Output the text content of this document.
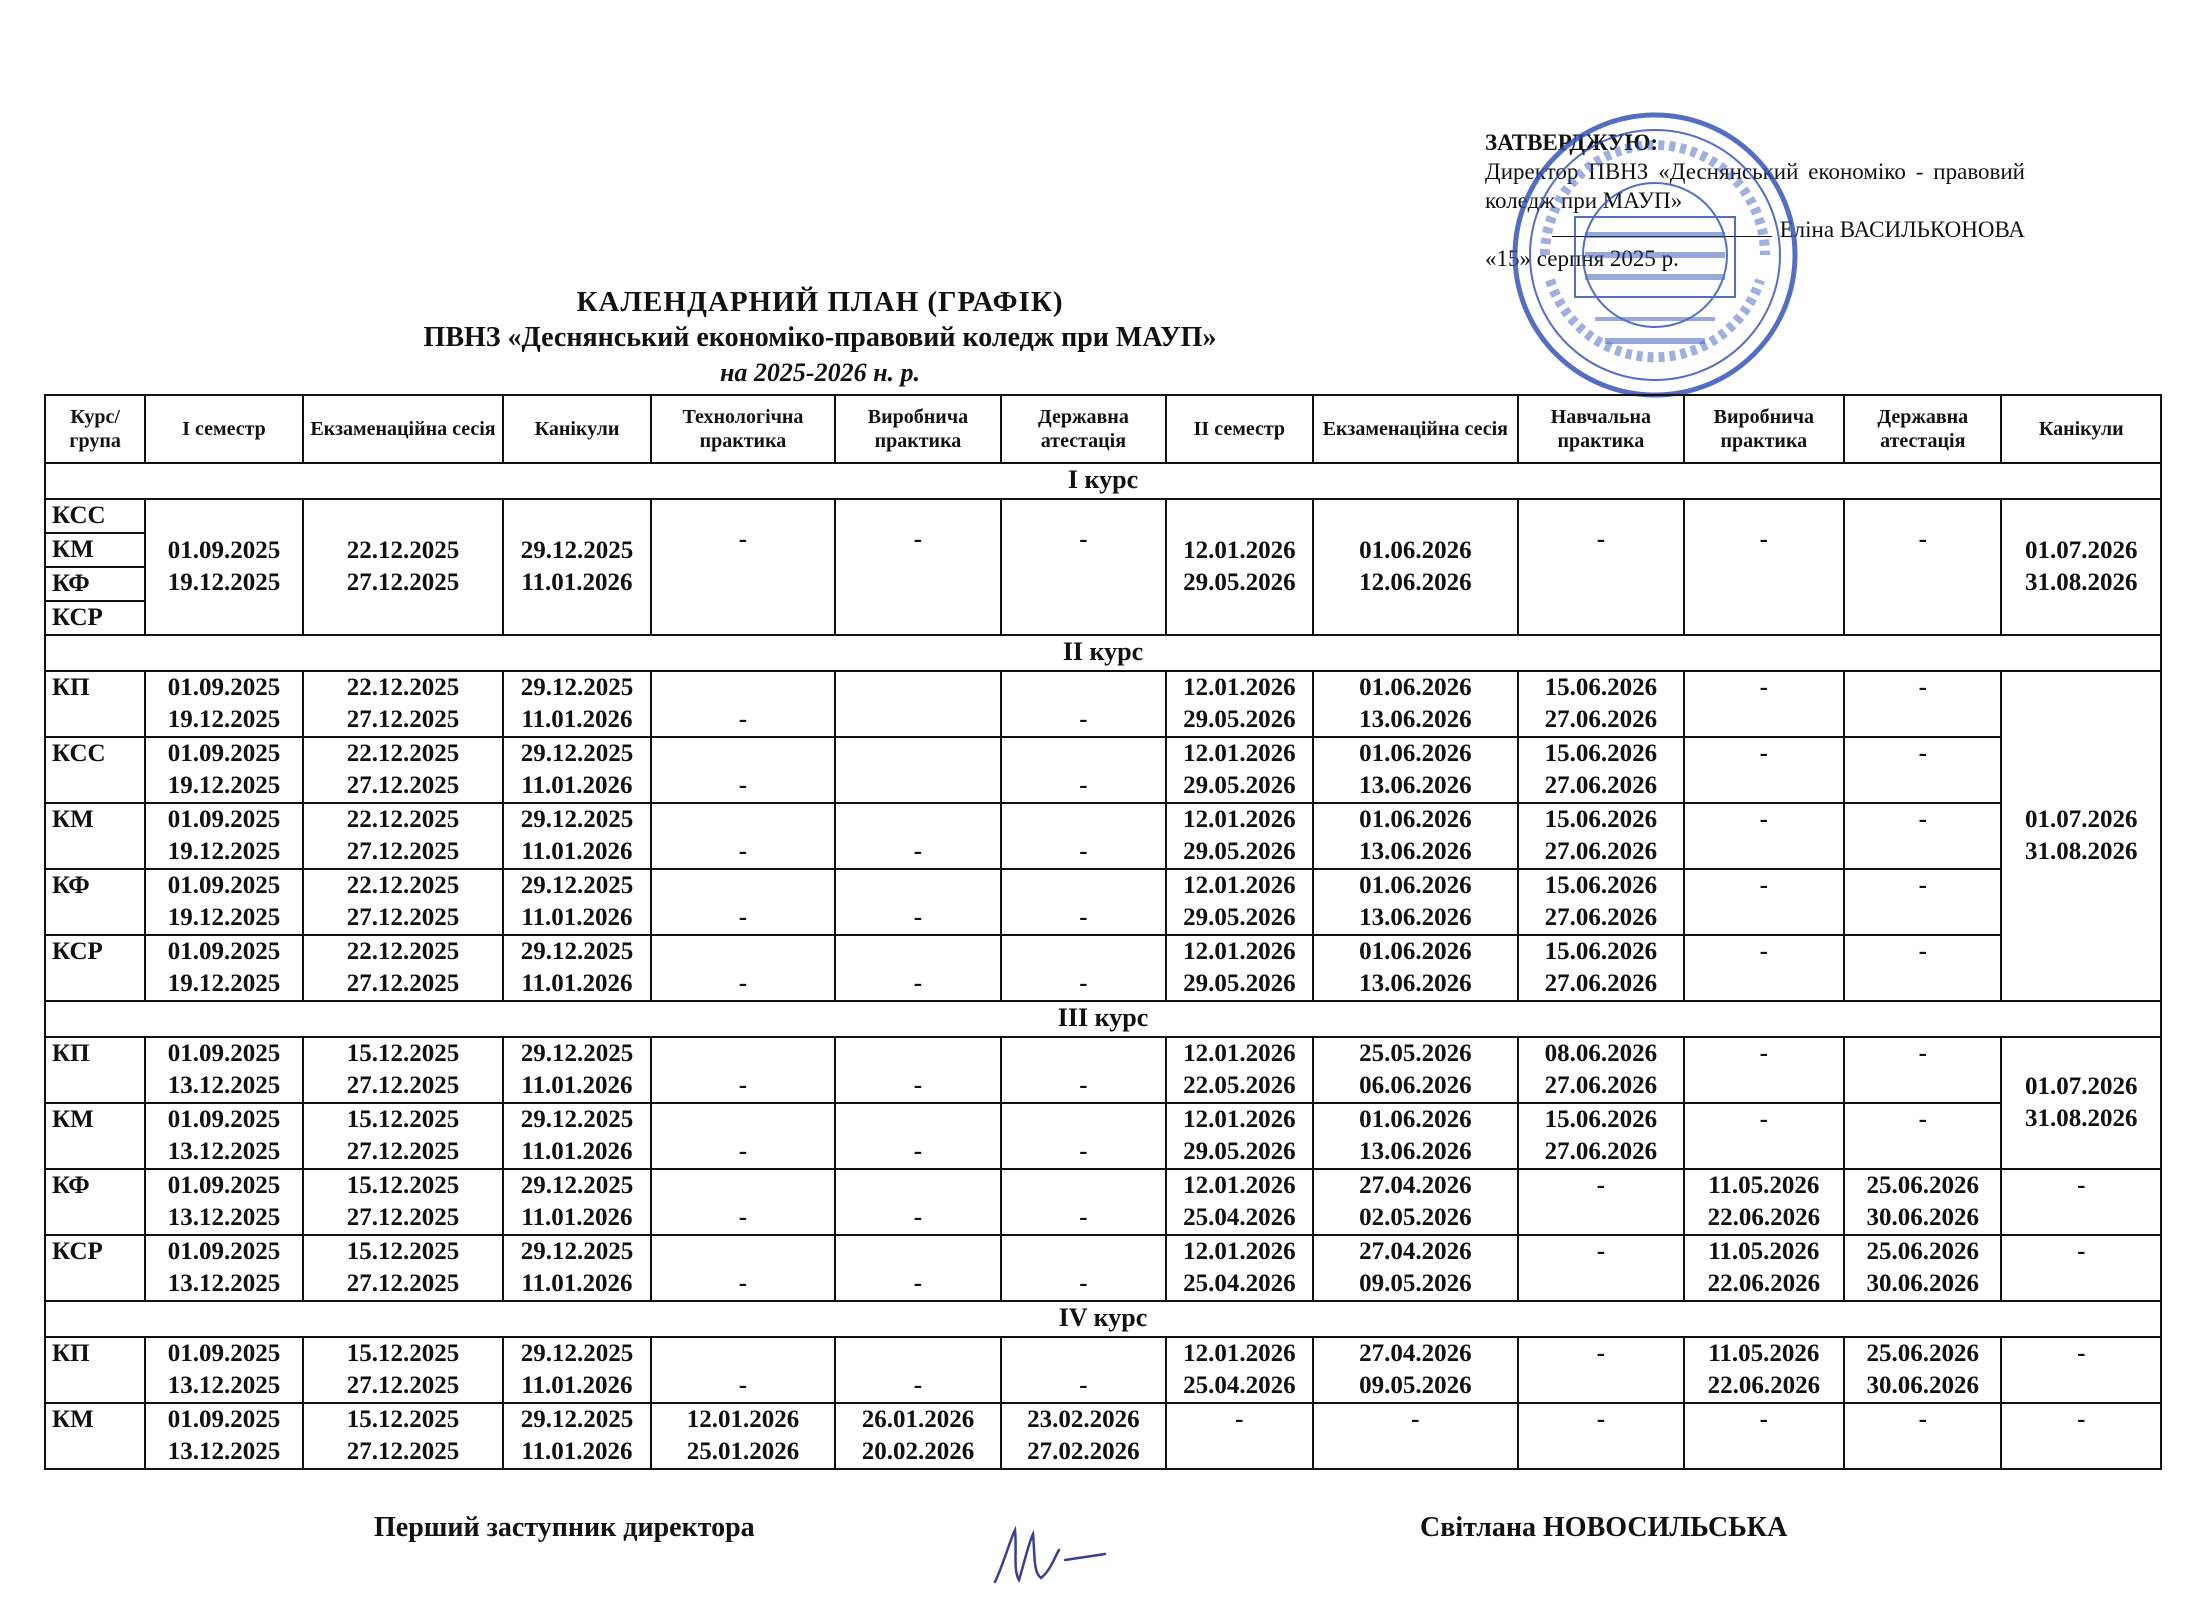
ЗАТВЕРДЖУЮ:
Директор ПВНЗ «Деснянський економіко - правовий коледж при МАУП»
Еліна ВАСИЛЬКОНОВА
«15» серпня 2025 р.
КАЛЕНДАРНИЙ ПЛАН (ГРАФІК)
ПВНЗ «Деснянський економіко-правовий коледж при МАУП»
на 2025-2026 н. р.
Курс/ група	І семестр	Екзаменаційна сесія	Канікули	Технологічна практика	Виробнича практика	Державна атестація	ІІ семестр	Екзаменаційна сесія	Навчальна практика	Виробнича практика	Державна атестація	Канікули
І курс												
КСС	01.09.2025 19.12.2025	22.12.2025 27.12.2025	29.12.2025 11.01.2026	-	-	-	12.01.2026 29.05.2026	01.06.2026 12.06.2026	-	-	-	01.07.2026 31.08.2026
КМ												
КФ												
КСР												
ІІ курс												
КП	01.09.2025 19.12.2025	22.12.2025 27.12.2025	29.12.2025 11.01.2026	-		-	12.01.2026 29.05.2026	01.06.2026 13.06.2026	15.06.2026 27.06.2026	-	-	01.07.2026 31.08.2026
КСС	01.09.2025 19.12.2025	22.12.2025 27.12.2025	29.12.2025 11.01.2026	-		-	12.01.2026 29.05.2026	01.06.2026 13.06.2026	15.06.2026 27.06.2026	-	-	
КМ	01.09.2025 19.12.2025	22.12.2025 27.12.2025	29.12.2025 11.01.2026	-	-	-	12.01.2026 29.05.2026	01.06.2026 13.06.2026	15.06.2026 27.06.2026	-	-	
КФ	01.09.2025 19.12.2025	22.12.2025 27.12.2025	29.12.2025 11.01.2026	-	-	-	12.01.2026 29.05.2026	01.06.2026 13.06.2026	15.06.2026 27.06.2026	-	-	
КСР	01.09.2025 19.12.2025	22.12.2025 27.12.2025	29.12.2025 11.01.2026	-	-	-	12.01.2026 29.05.2026	01.06.2026 13.06.2026	15.06.2026 27.06.2026	-	-	
ІІІ курс												
КП	01.09.2025 13.12.2025	15.12.2025 27.12.2025	29.12.2025 11.01.2026	-	-	-	12.01.2026 22.05.2026	25.05.2026 06.06.2026	08.06.2026 27.06.2026	-	-	01.07.2026 31.08.2026
КМ	01.09.2025 13.12.2025	15.12.2025 27.12.2025	29.12.2025 11.01.2026	-	-	-	12.01.2026 29.05.2026	01.06.2026 13.06.2026	15.06.2026 27.06.2026	-	-	
КФ	01.09.2025 13.12.2025	15.12.2025 27.12.2025	29.12.2025 11.01.2026	-	-	-	12.01.2026 25.04.2026	27.04.2026 02.05.2026	-	11.05.2026 22.06.2026	25.06.2026 30.06.2026	-
КСР	01.09.2025 13.12.2025	15.12.2025 27.12.2025	29.12.2025 11.01.2026	-	-	-	12.01.2026 25.04.2026	27.04.2026 09.05.2026	-	11.05.2026 22.06.2026	25.06.2026 30.06.2026	-
ІV курс												
КП	01.09.2025 13.12.2025	15.12.2025 27.12.2025	29.12.2025 11.01.2026	-	-	-	12.01.2026 25.04.2026	27.04.2026 09.05.2026	-	11.05.2026 22.06.2026	25.06.2026 30.06.2026	-
КМ	01.09.2025 13.12.2025	15.12.2025 27.12.2025	29.12.2025 11.01.2026	12.01.2026 25.01.2026	26.01.2026 20.02.2026	23.02.2026 27.02.2026	-	-	-	-	-	-
Перший заступник директора	Світлана НОВОСИЛЬСЬКА
